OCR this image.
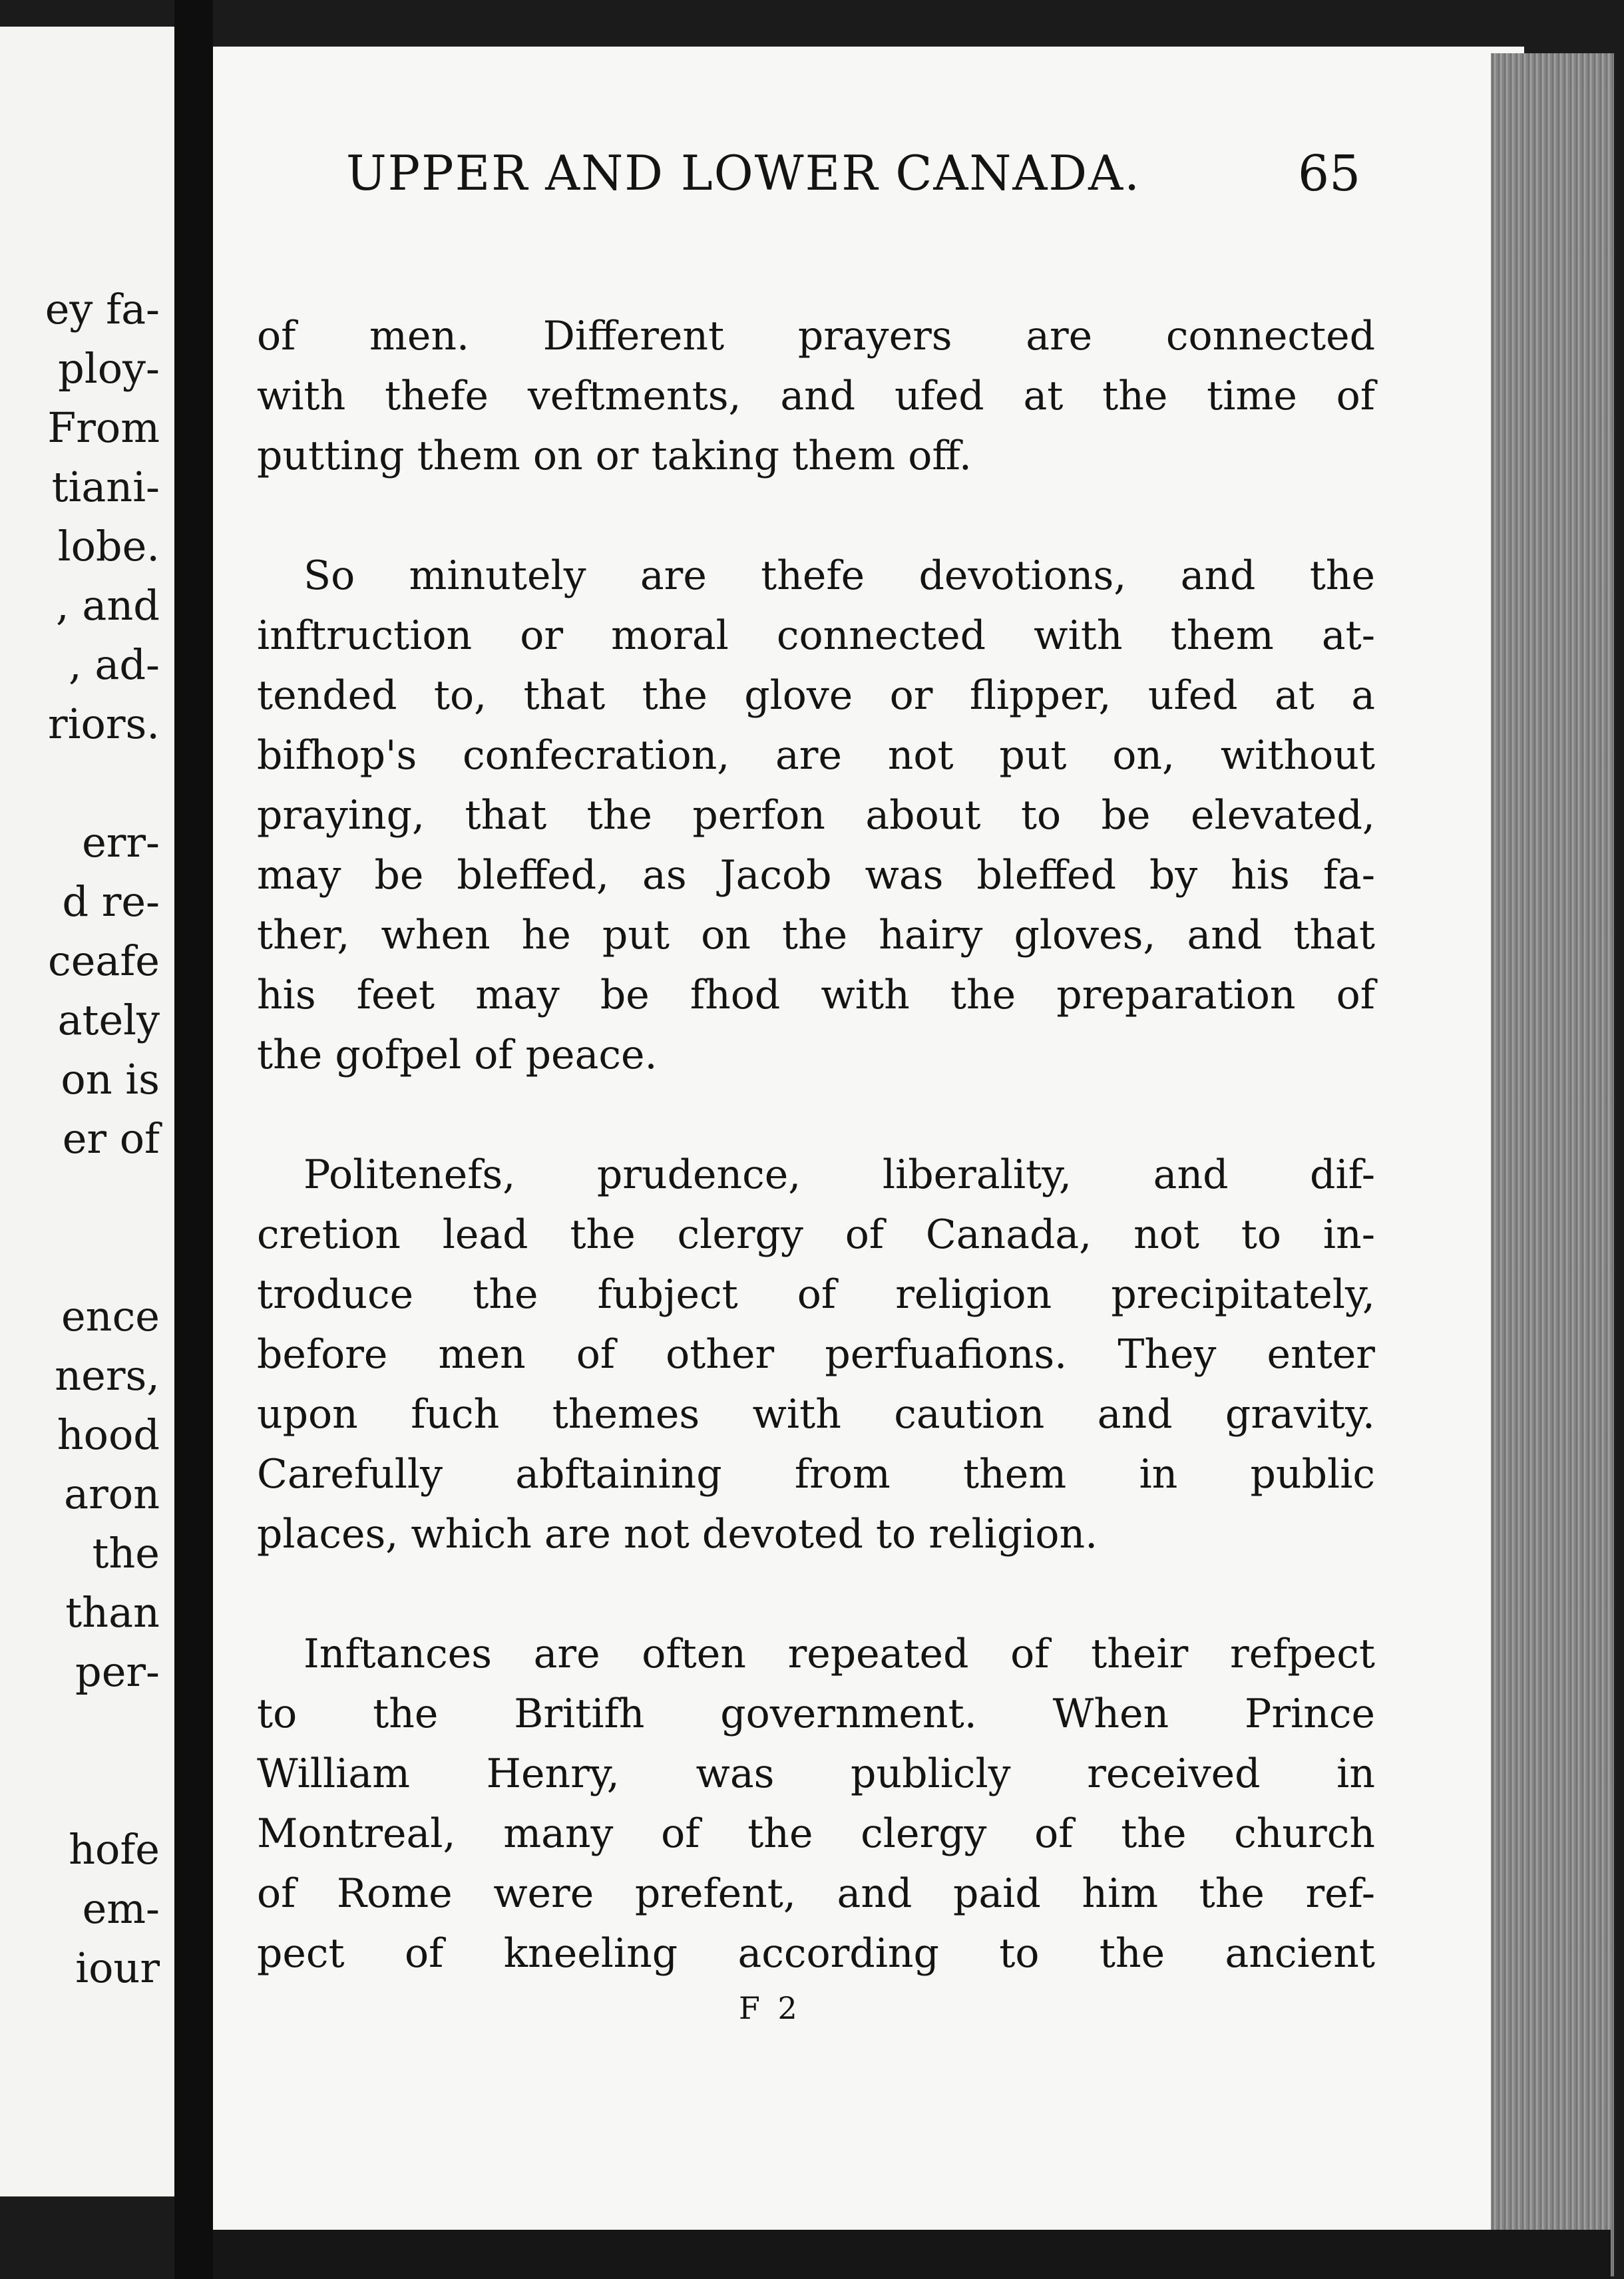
ey fa-
ploy-
From
tiani-
lobe.
, and
, ad-
riors.
err-
d re-
ceafe
ately
on is
er of
ence
ners,
hood
aron
the
than
per-
hofe
em-
iour
UPPER AND LOWER CANADA.	65
of men. Different prayers are connected
with thefe veftments, and ufed at the time of
putting them on or taking them off.
So minutely are thefe devotions, and the
inftruction or moral connected with them at-
tended to, that the glove or flipper, ufed at a
bifhop's confecration, are not put on, without
praying, that the perfon about to be elevated,
may be bleffed, as Jacob was bleffed by his fa-
ther, when he put on the hairy gloves, and that
his feet may be fhod with the preparation of
the gofpel of peace.
Politenefs, prudence, liberality, and dif-
cretion lead the clergy of Canada, not to in-
troduce the fubject of religion precipitately,
before men of other perfuafions. They enter
upon fuch themes with caution and gravity.
Carefully abftaining from them in public
places, which are not devoted to religion.
Inftances are often repeated of their refpect
to the Britifh government. When Prince
William Henry, was publicly received in
Montreal, many of the clergy of the church
of Rome were prefent, and paid him the ref-
pect of kneeling according to the ancient
F 2
